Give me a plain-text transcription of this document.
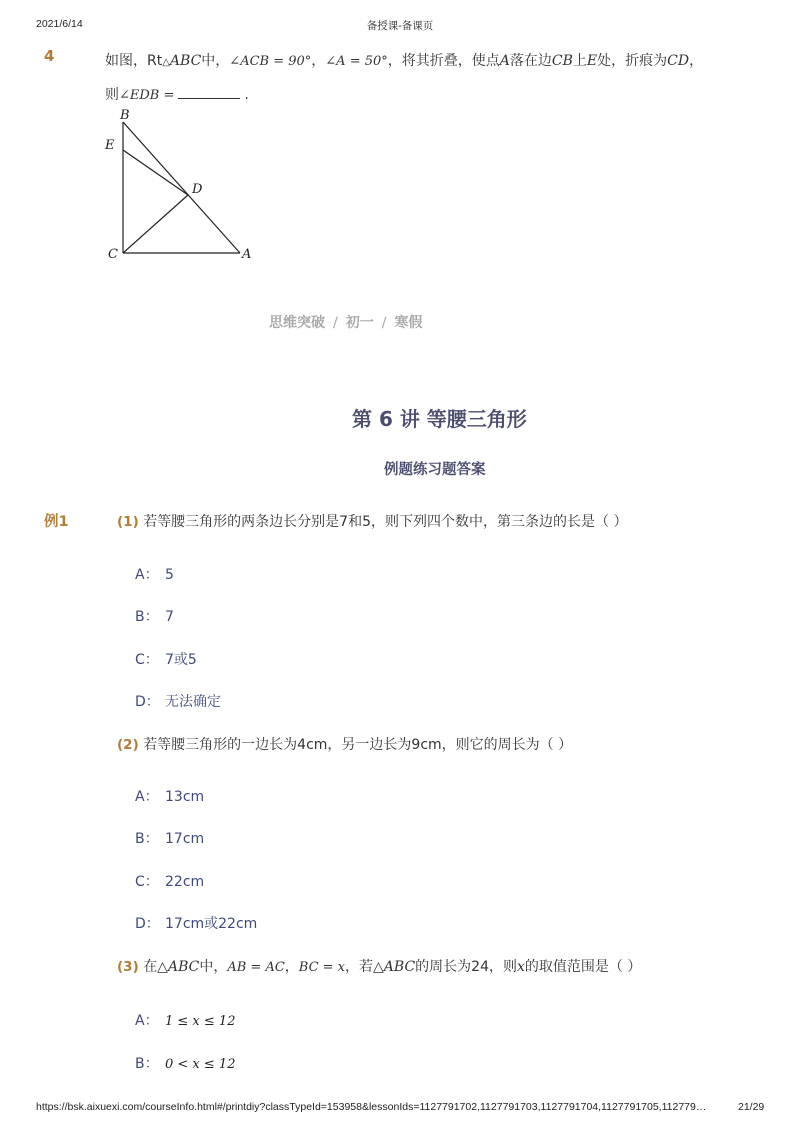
2021/6/14	备授课-备课页
4	如图，Rt△ABC中，∠ACB = 90°，∠A = 50°，将其折叠，使点A落在边CB上E处，折痕为CD，
则∠EDB =	.
B
E
D
C	A
思维突破 / 初一 / 寒假
第 6 讲 等腰三角形
例题练习题答案
例1	(1) 若等腰三角形的两条边长分别是7和5，则下列四个数中，第三条边的长是（ ）
A： 5
B： 7
C： 7或5
D： 无法确定
(2) 若等腰三角形的一边长为4cm，另一边长为9cm，则它的周长为（ ）
A： 13cm
B： 17cm
C： 22cm
D： 17cm或22cm
(3) 在△ABC中，AB = AC，BC = x，若△ABC的周长为24，则x的取值范围是（ ）
A： 1 ≤ x ≤ 12
B： 0 < x ≤ 12
https://bsk.aixuexi.com/courseInfo.html#/printdiy?classTypeId=153958&lessonIds=1127791702,1127791703,1127791704,1127791705,112779…	21/29
